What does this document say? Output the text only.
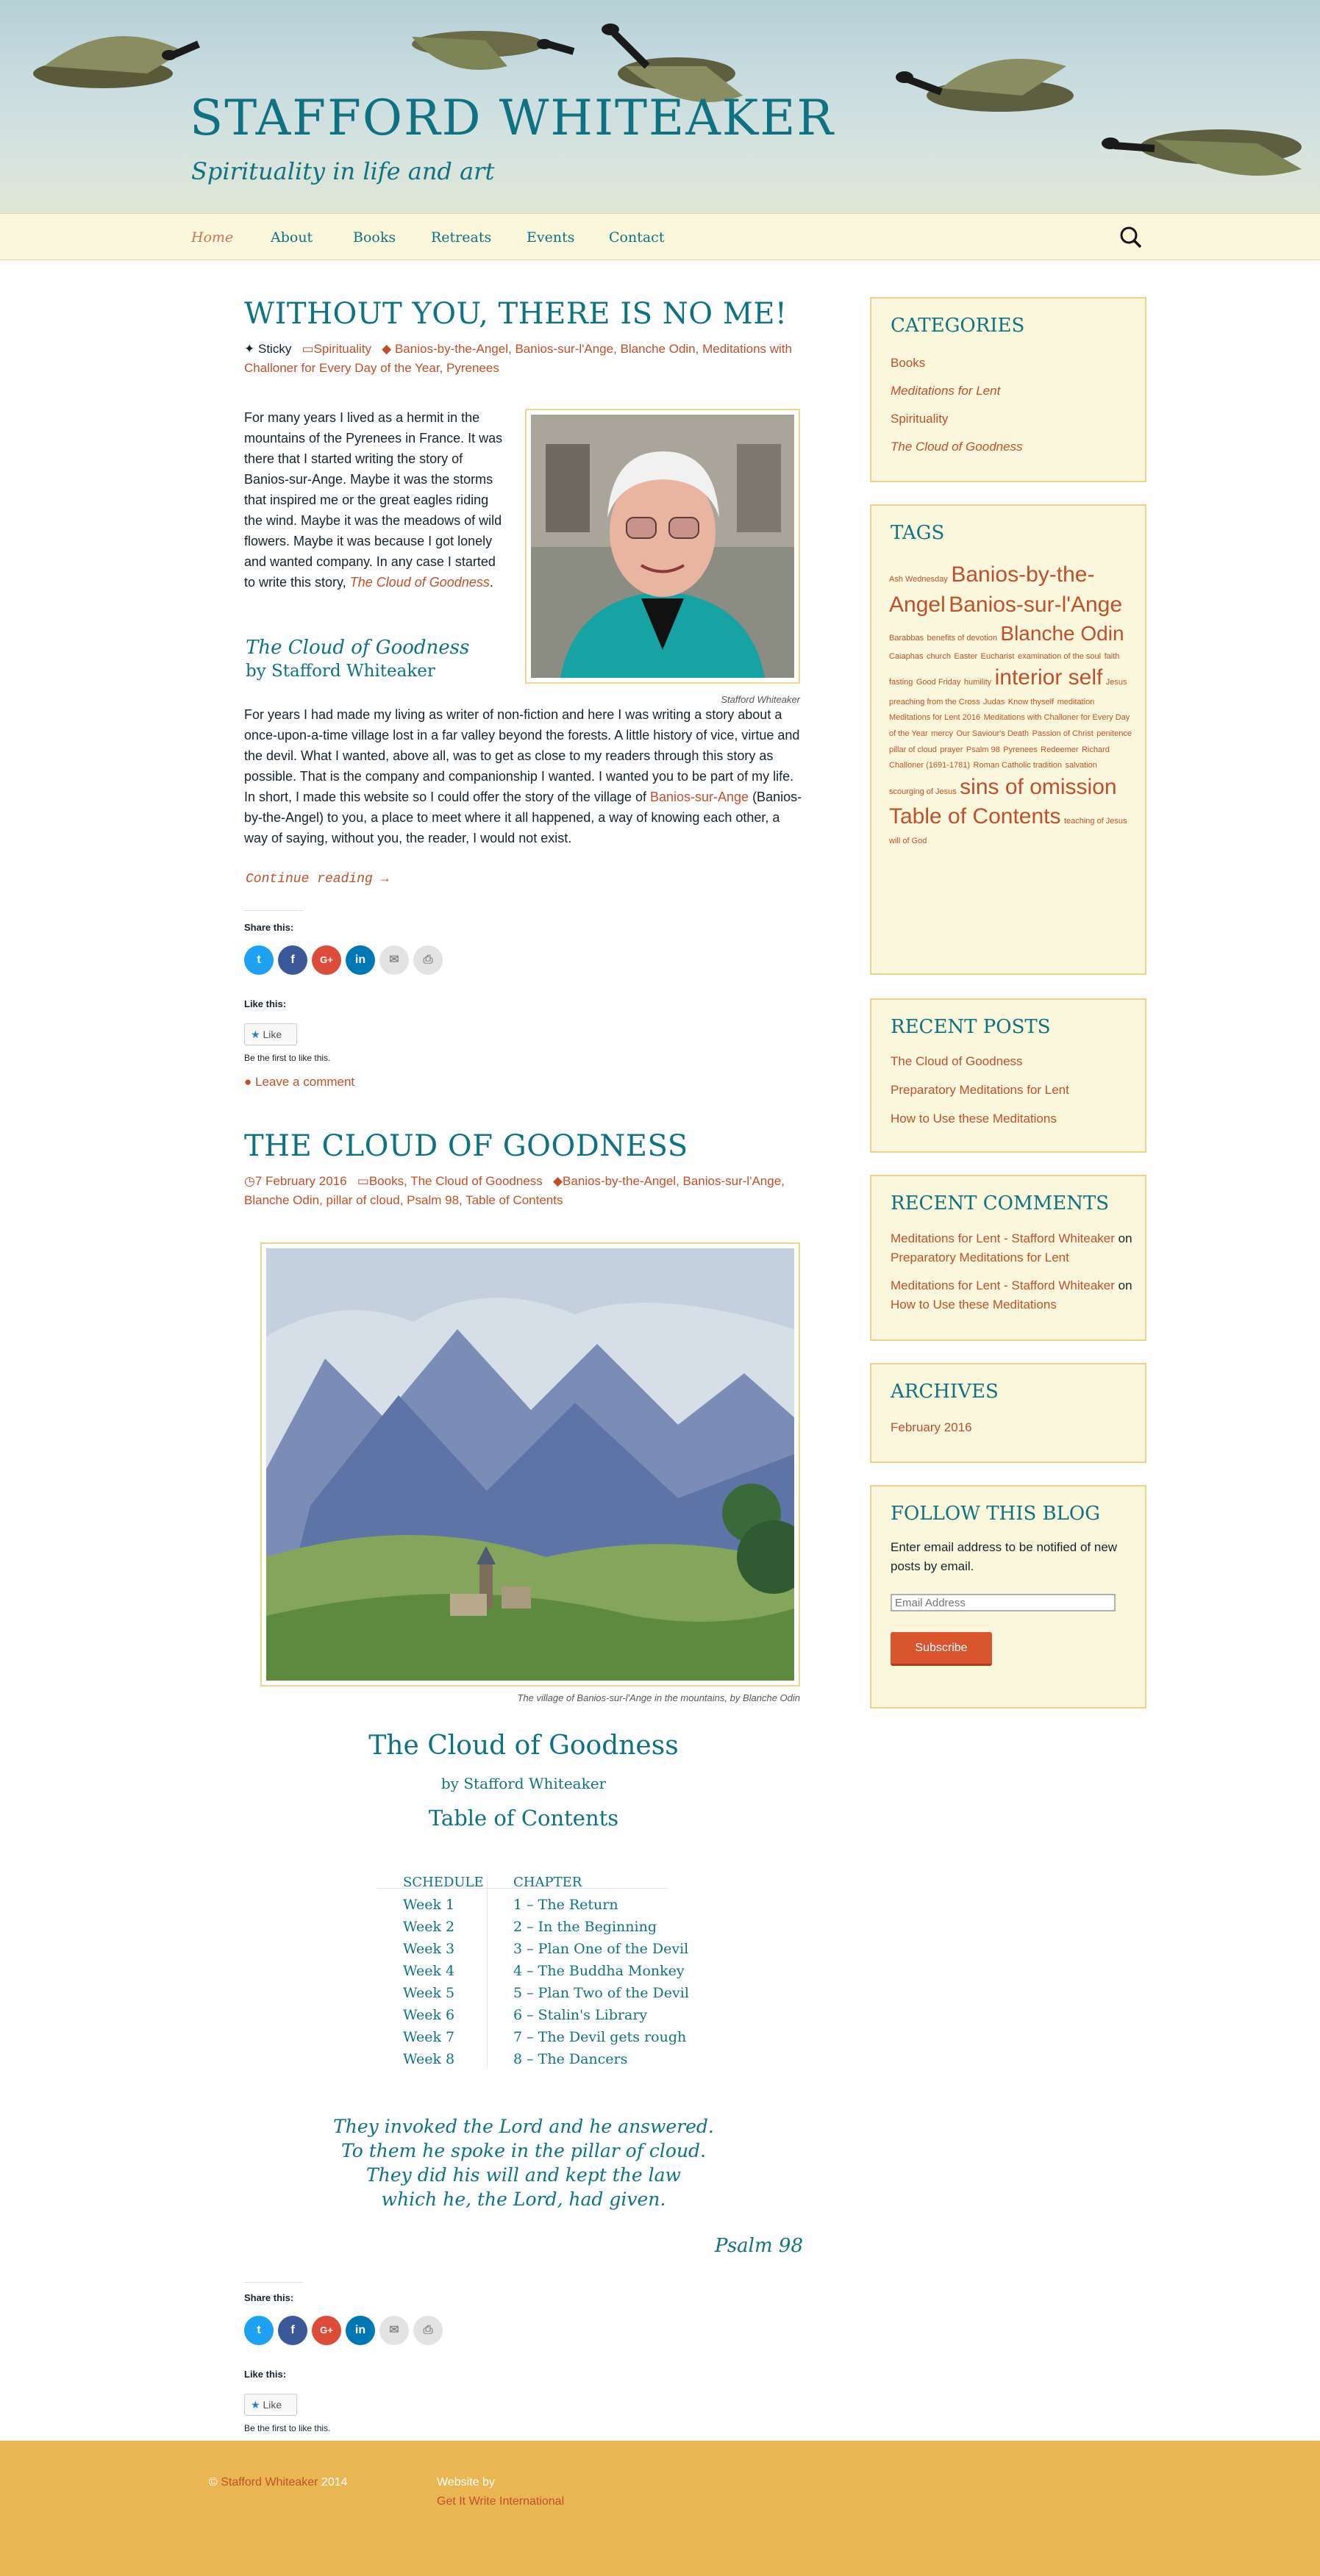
STAFFORD WHITEAKER
Spirituality in life and art
Home	About	Books	Retreats	Events Contact
WITHOUT YOU, THERE IS NO ME!
✦ Sticky ▭Spirituality ◆ Banios-by-the-Angel, Banios-sur-l'Ange, Blanche Odin, Meditations with Challoner for Every Day of the Year, Pyrenees
For many years I lived as a hermit in the mountains of the Pyrenees in France. It was there that I started writing the story of Banios-sur-Ange. Maybe it was the storms that inspired me or the great eagles riding the wind. Maybe it was the meadows of wild flowers. Maybe it was because I got lonely and wanted company. In any case I started to write this story, The Cloud of Goodness.
Stafford Whiteaker
The Cloud of Goodness
by Stafford Whiteaker
For years I had made my living as writer of non-fiction and here I was writing a story about a once-upon-a-time village lost in a far valley beyond the forests. A little history of vice, virtue and the devil. What I wanted, above all, was to get as close to my readers through this story as possible. That is the company and companionship I wanted. I wanted you to be part of my life. In short, I made this website so I could offer the story of the village of Banios-sur-Ange (Banios-by-the-Angel) to you, a place to meet where it all happened, a way of knowing each other, a way of saying, without you, the reader, I would not exist.
Continue reading →
Share this:
t	f	G+	in	✉	⎙
Like this:
★ Like
Be the first to like this.
● Leave a comment
THE CLOUD OF GOODNESS
◷7 February 2016 ▭Books, The Cloud of Goodness ◆Banios-by-the-Angel, Banios-sur-l'Ange, Blanche Odin, pillar of cloud, Psalm 98, Table of Contents
The village of Banios-sur-l'Ange in the mountains, by Blanche Odin
The Cloud of Goodness
by Stafford Whiteaker
Table of Contents
SCHEDULE CHAPTER
Week 1	1 – The Return
Week 2	2 – In the Beginning
Week 3	3 – Plan One of the Devil
Week 4	4 – The Buddha Monkey
Week 5	5 – Plan Two of the Devil
Week 6	6 – Stalin's Library
Week 7	7 – The Devil gets rough
Week 8	8 – The Dancers
They invoked the Lord and he answered.
To them he spoke in the pillar of cloud.
They did his will and kept the law
which he, the Lord, had given.
Psalm 98
Share this:
t	f	G+	in	✉	⎙
Like this:
★ Like
Be the first to like this.
CATEGORIES
Books
Meditations for Lent
Spirituality
The Cloud of Goodness
TAGS
Ash Wednesday Banios-by-the-Angel Banios-sur-l'Ange Barabbas benefits of devotion Blanche Odin Caiaphas church Easter Eucharist examination of the soul faith fasting Good Friday humility interior self Jesus preaching from the Cross Judas Know thyself meditation Meditations for Lent 2016 Meditations with Challoner for Every Day of the Year mercy Our Saviour's Death Passion of Christ penitence pillar of cloud prayer Psalm 98 Pyrenees Redeemer Richard Challoner (1691-1781) Roman Catholic tradition salvation scourging of Jesus sins of omission Table of Contents teaching of Jesus will of God
RECENT POSTS
The Cloud of Goodness
Preparatory Meditations for Lent
How to Use these Meditations
RECENT COMMENTS
Meditations for Lent - Stafford Whiteaker on Preparatory Meditations for Lent
Meditations for Lent - Stafford Whiteaker on How to Use these Meditations
ARCHIVES
February 2016
FOLLOW THIS BLOG
Enter email address to be notified of new posts by email.
Email Address
Subscribe
© Stafford Whiteaker 2014	Website by
Get It Write International
